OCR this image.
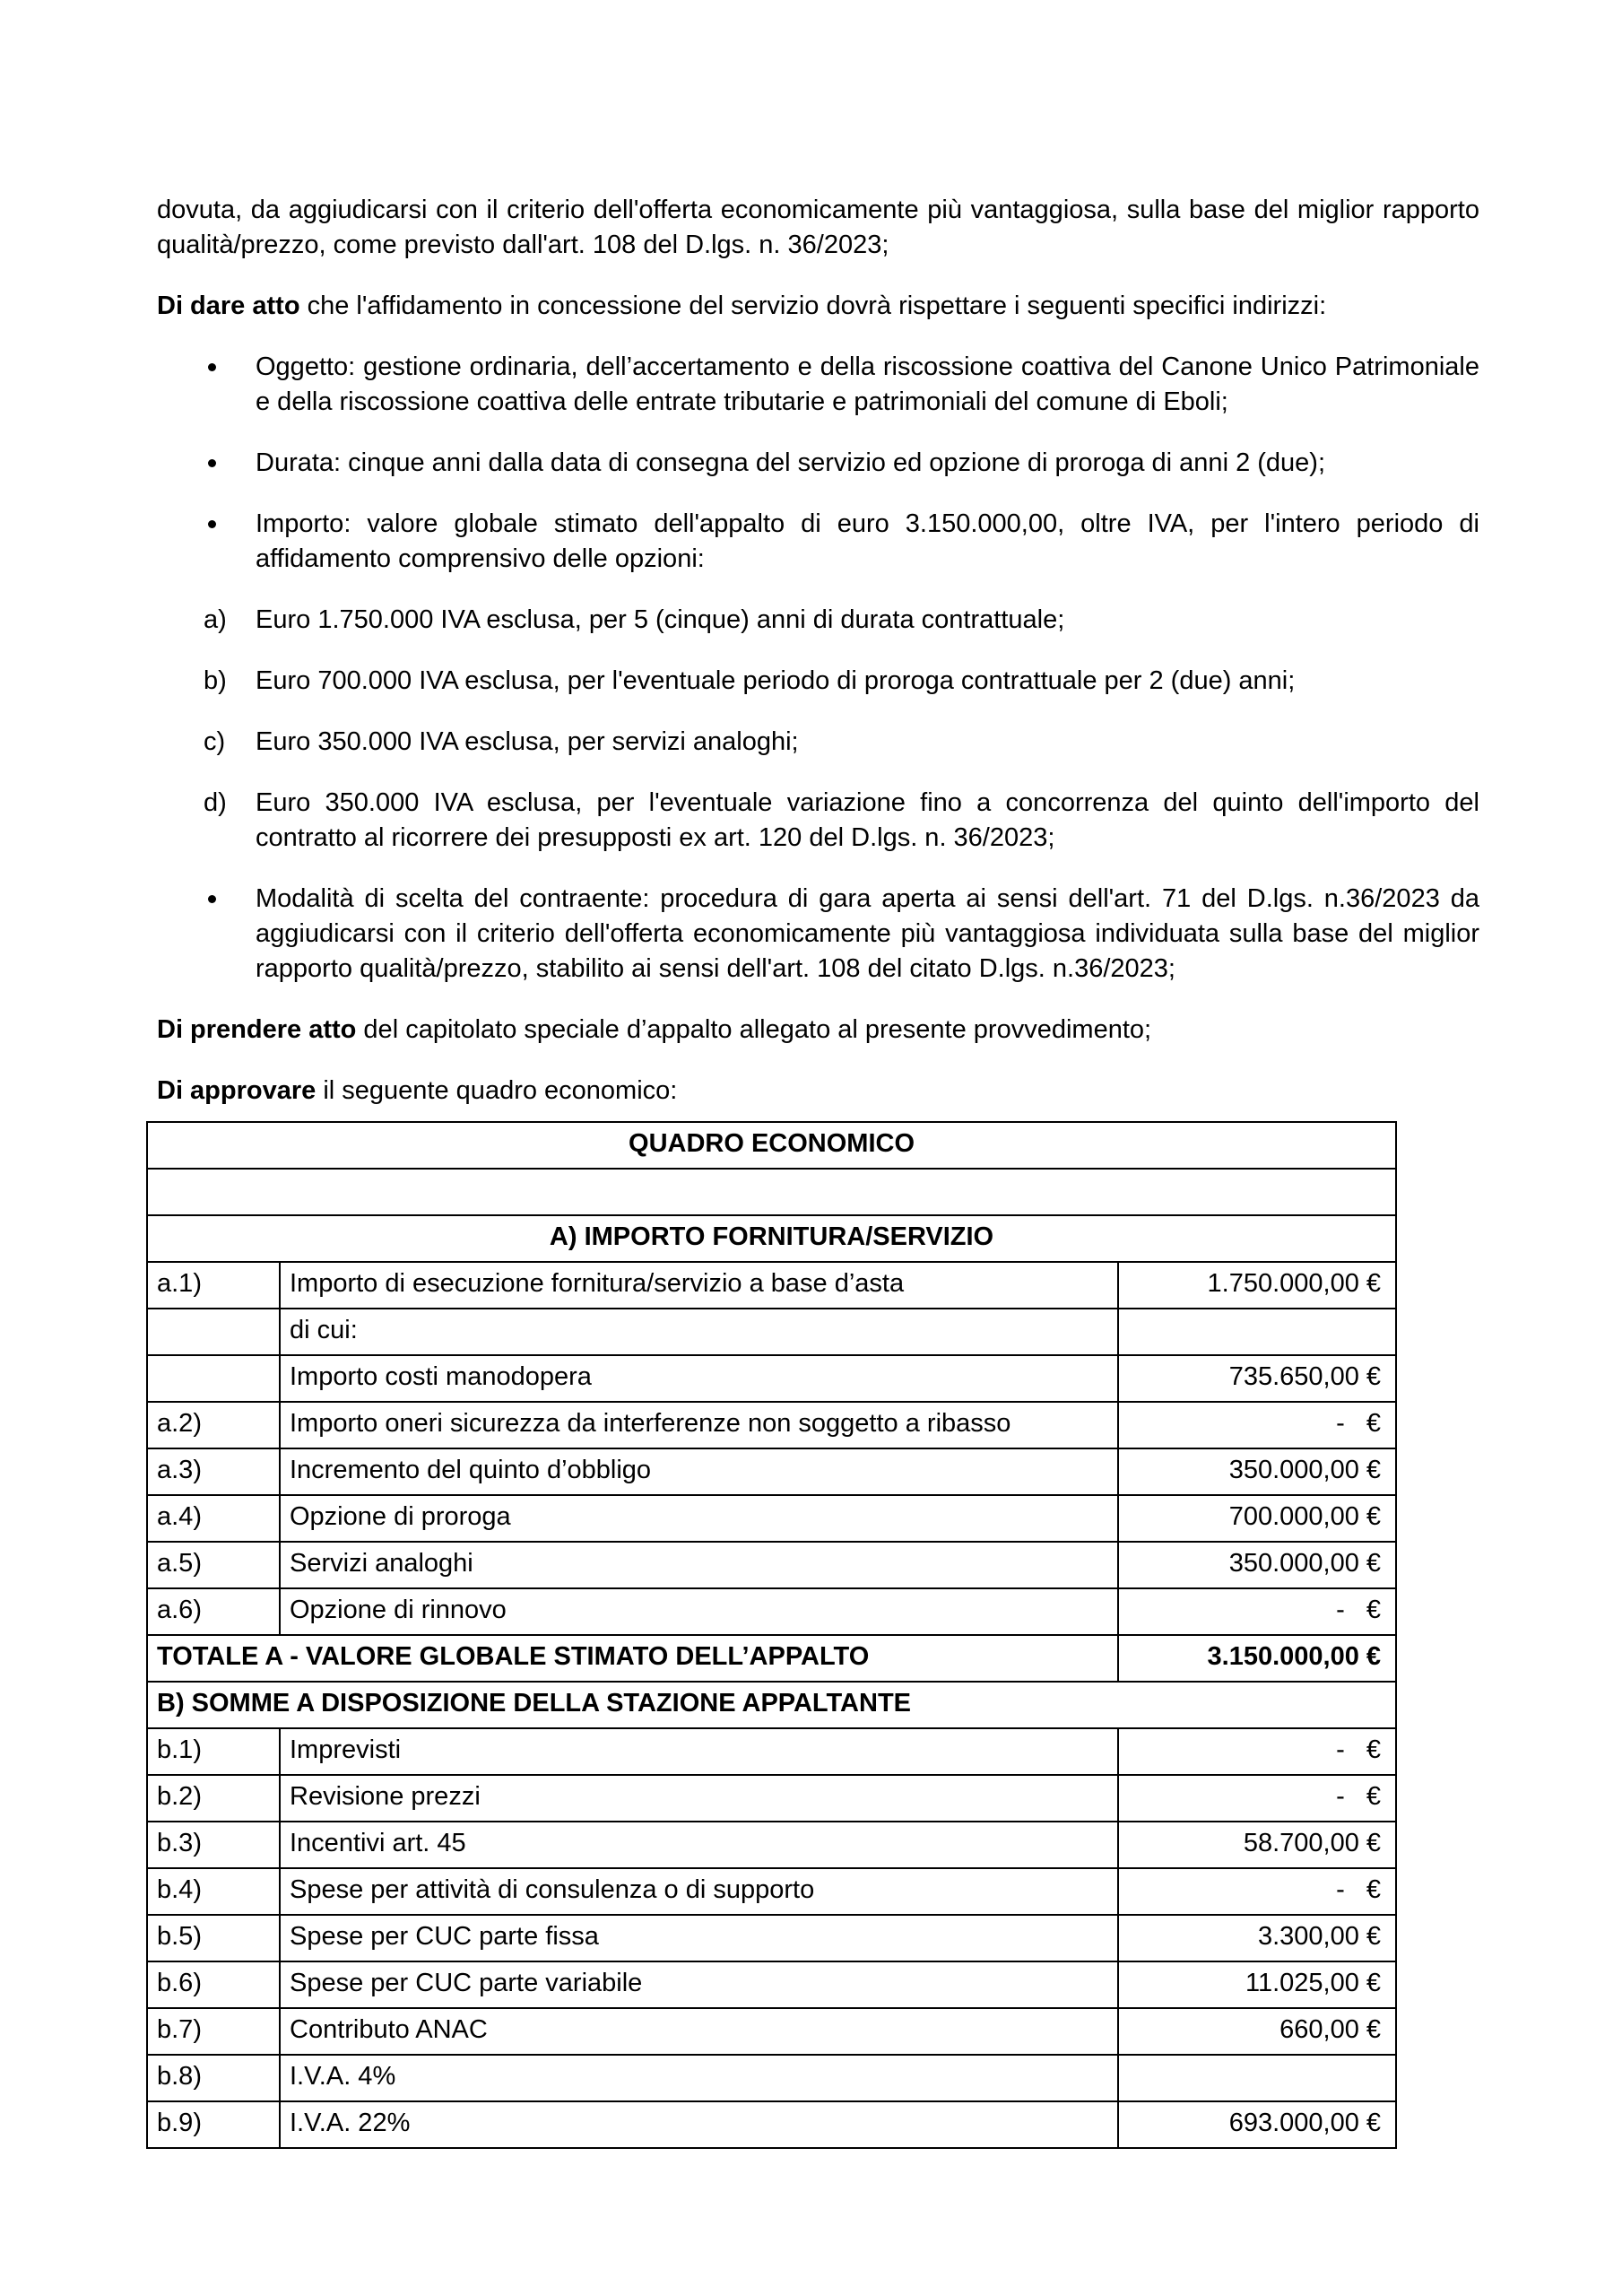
dovuta, da aggiudicarsi con il criterio dell'offerta economicamente più vantaggiosa, sulla base del miglior rapporto qualità/prezzo, come previsto dall'art. 108 del D.lgs. n. 36/2023;

Di dare atto che l'affidamento in concessione del servizio dovrà rispettare i seguenti specifici indirizzi:

Oggetto: gestione ordinaria, dell’accertamento e della riscossione coattiva del Canone Unico Patrimoniale e della riscossione coattiva delle entrate tributarie e patrimoniali del comune di Eboli;
Durata: cinque anni dalla data di consegna del servizio ed opzione di proroga di anni 2 (due);
Importo: valore globale stimato dell'appalto di euro 3.150.000,00, oltre IVA, per l'intero periodo di affidamento comprensivo delle opzioni:
a) Euro 1.750.000 IVA esclusa, per 5 (cinque) anni di durata contrattuale;
b) Euro 700.000 IVA esclusa, per l'eventuale periodo di proroga contrattuale per 2 (due) anni;
c) Euro 350.000 IVA esclusa, per servizi analoghi;
d) Euro 350.000 IVA esclusa, per l'eventuale variazione fino a concorrenza del quinto dell'importo del contratto al ricorrere dei presupposti ex art. 120 del D.lgs. n. 36/2023;
Modalità di scelta del contraente: procedura di gara aperta ai sensi dell'art. 71 del D.lgs. n.36/2023 da aggiudicarsi con il criterio dell'offerta economicamente più vantaggiosa individuata sulla base del miglior rapporto qualità/prezzo, stabilito ai sensi dell'art. 108 del citato D.lgs. n.36/2023;

Di prendere atto del capitolato speciale d’appalto allegato al presente provvedimento;

Di approvare il seguente quadro economico:

QUADRO ECONOMICO		

A) IMPORTO FORNITURA/SERVIZIO		
a.1)	Importo di esecuzione fornitura/servizio a base d’asta	1.750.000,00 €
	di cui:	
	Importo costi manodopera	735.650,00 €
a.2)	Importo oneri sicurezza da interferenze non soggetto a ribasso	-   €
a.3)	Incremento del quinto d’obbligo	350.000,00 €
a.4)	Opzione di proroga	700.000,00 €
a.5)	Servizi analoghi	350.000,00 €
a.6)	Opzione di rinnovo	-   €
TOTALE A - VALORE GLOBALE STIMATO DELL’APPALTO		3.150.000,00 €
B) SOMME A DISPOSIZIONE DELLA STAZIONE APPALTANTE		
b.1)	Imprevisti	-   €
b.2)	Revisione prezzi	-   €
b.3)	Incentivi art. 45	58.700,00 €
b.4)	Spese per attività di consulenza o di supporto	-   €
b.5)	Spese per CUC parte fissa	3.300,00 €
b.6)	Spese per CUC parte variabile	11.025,00 €
b.7)	Contributo ANAC	660,00 €
b.8)	I.V.A. 4%	
b.9)	I.V.A. 22%	693.000,00 €
